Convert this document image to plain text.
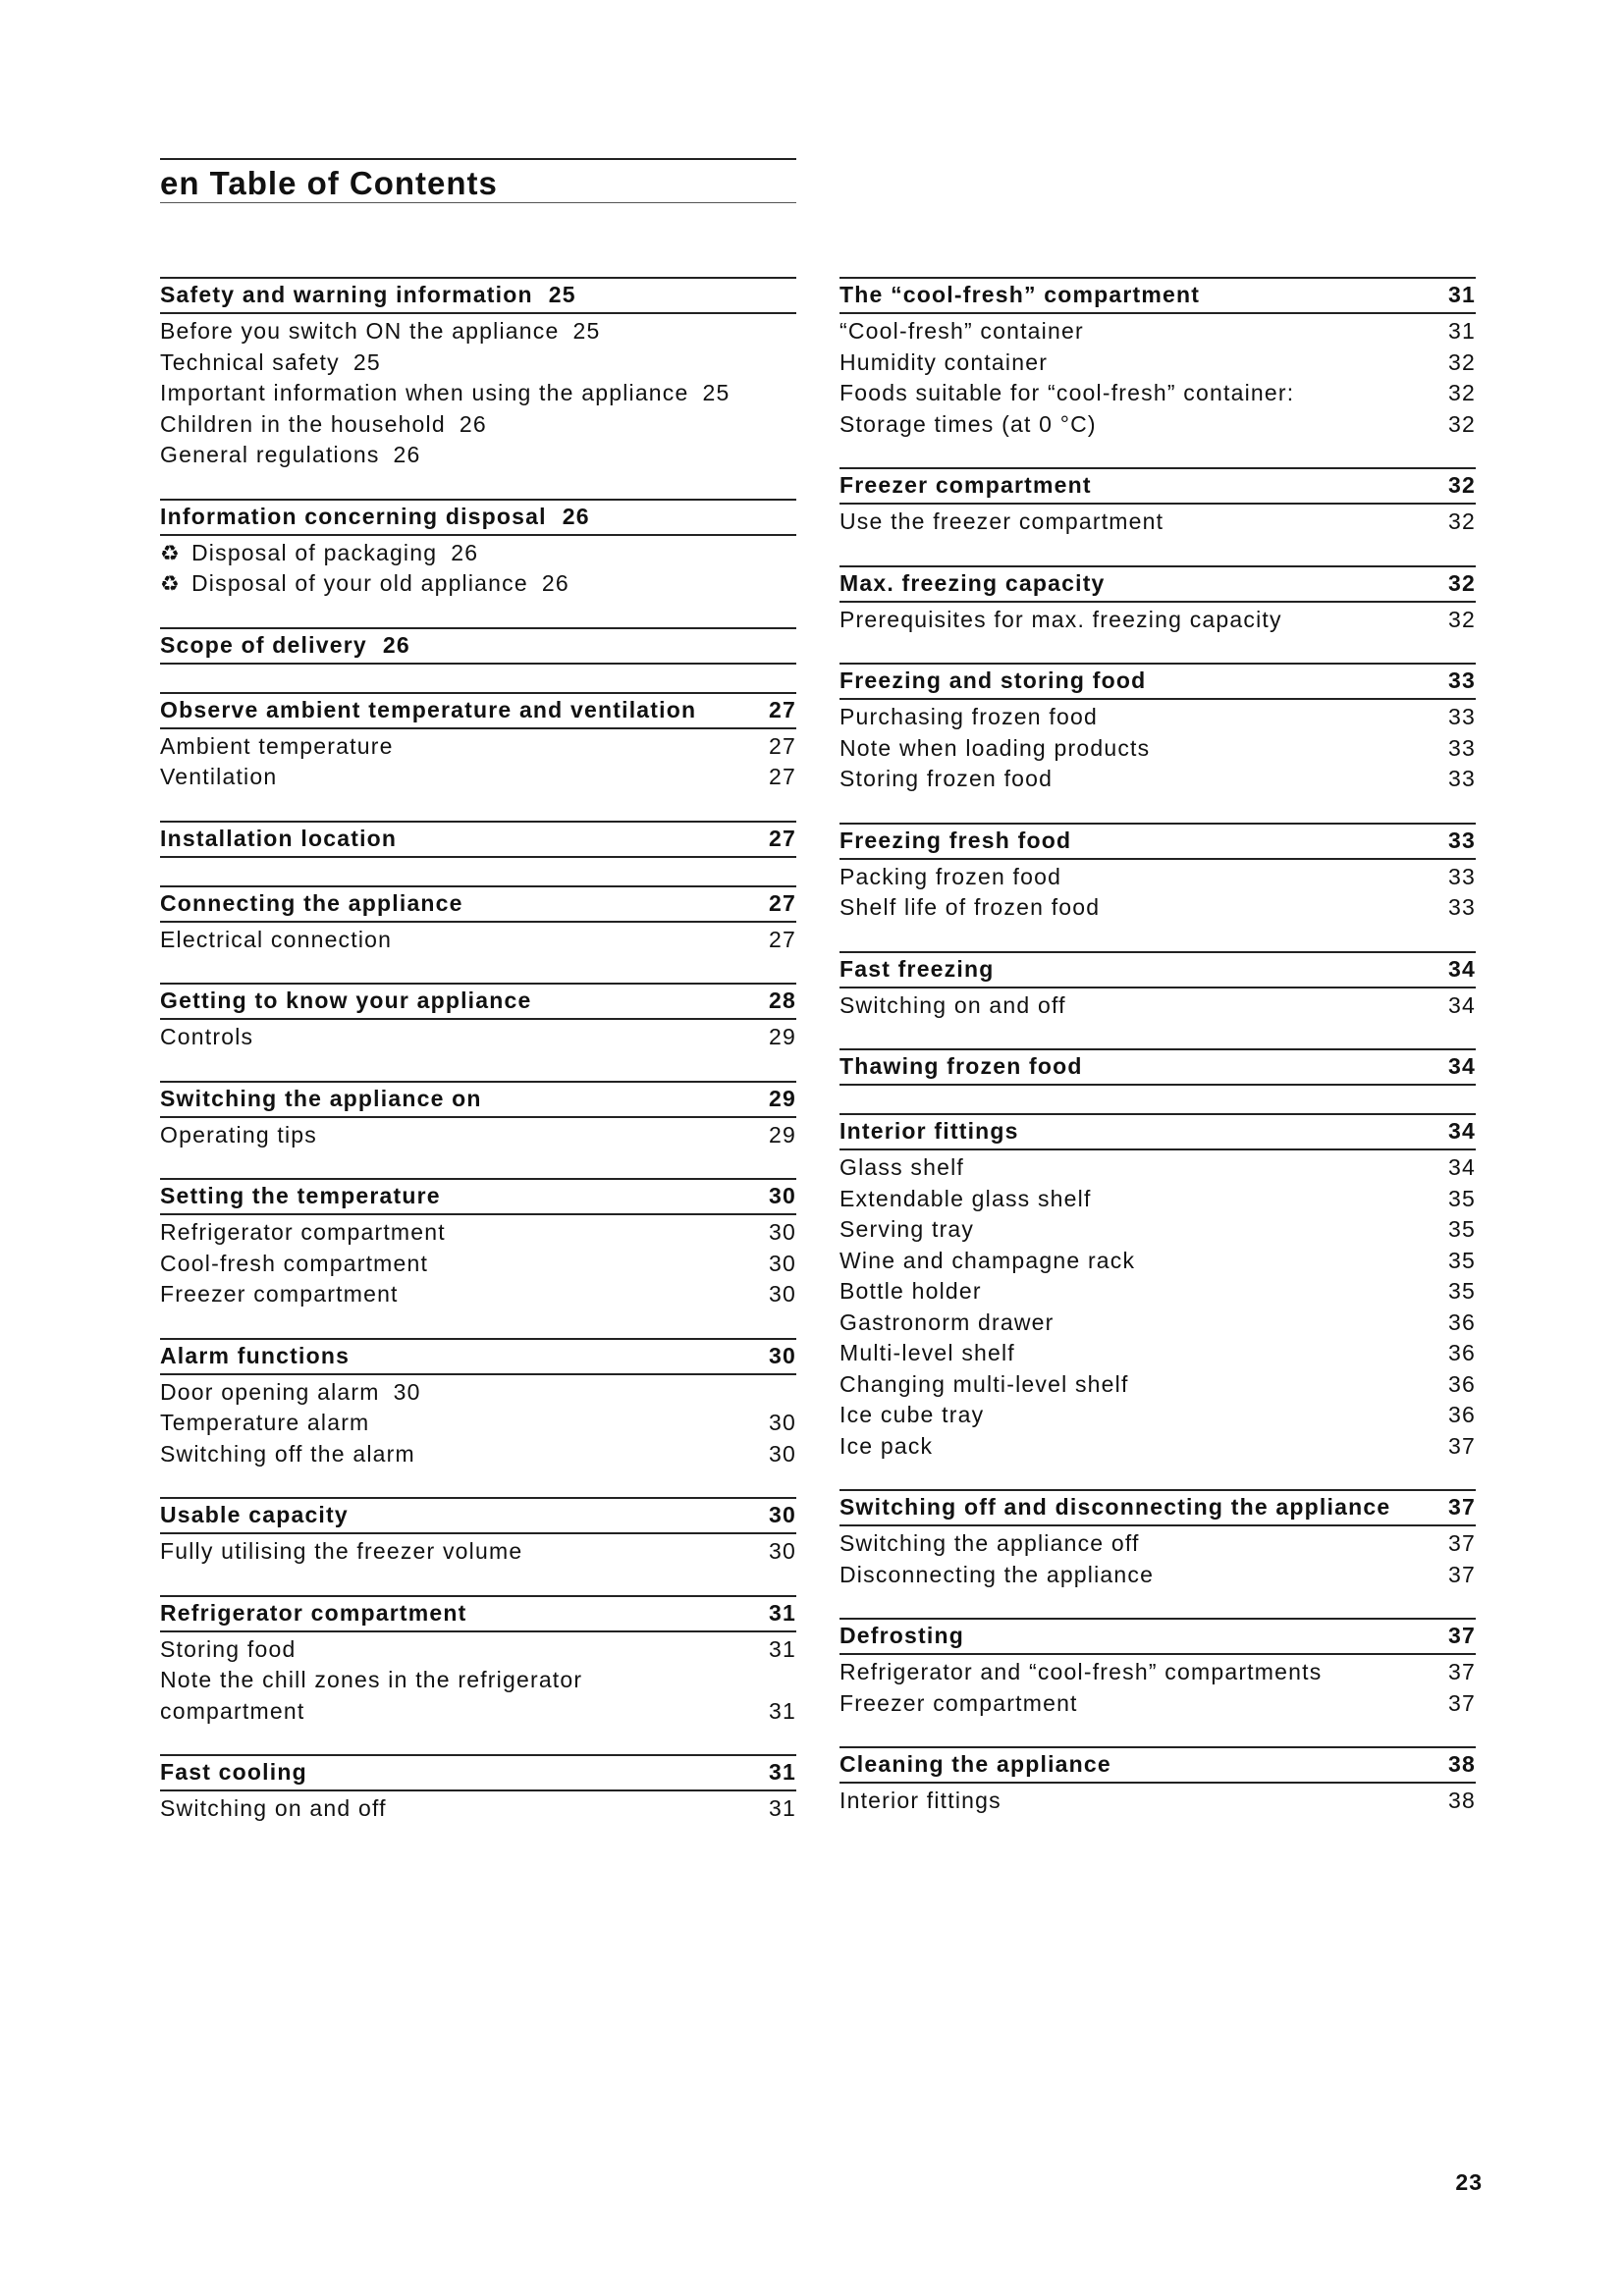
en Table of Contents
Safety and warning information 25
Before you switch ON the appliance 25
Technical safety 25
Important information when using the appliance 25
Children in the household 26
General regulations 26
Information concerning disposal 26
♻ Disposal of packaging 26
♻ Disposal of your old appliance 26
Scope of delivery 26
Observe ambient temperature and ventilation	27
Ambient temperature	27
Ventilation	27
Installation location	27
Connecting the appliance	27
Electrical connection	27
Getting to know your appliance	28
Controls	29
Switching the appliance on	29
Operating tips	29
Setting the temperature	30
Refrigerator compartment	30
Cool-fresh compartment	30
Freezer compartment	30
Alarm functions	30
Door opening alarm 30
Temperature alarm	30
Switching off the alarm	30
Usable capacity	30
Fully utilising the freezer volume	30
Refrigerator compartment	31
Storing food	31
Note the chill zones in the refrigerator compartment	31
Fast cooling	31
Switching on and off	31
The “cool-fresh” compartment	31
“Cool-fresh” container	31
Humidity container	32
Foods suitable for “cool-fresh” container:	32
Storage times (at 0 °C)	32
Freezer compartment	32
Use the freezer compartment	32
Max. freezing capacity	32
Prerequisites for max. freezing capacity	32
Freezing and storing food	33
Purchasing frozen food	33
Note when loading products	33
Storing frozen food	33
Freezing fresh food	33
Packing frozen food	33
Shelf life of frozen food	33
Fast freezing	34
Switching on and off	34
Thawing frozen food	34
Interior fittings	34
Glass shelf	34
Extendable glass shelf	35
Serving tray	35
Wine and champagne rack	35
Bottle holder	35
Gastronorm drawer	36
Multi-level shelf	36
Changing multi-level shelf	36
Ice cube tray	36
Ice pack	37
Switching off and disconnecting the appliance	37
Switching the appliance off	37
Disconnecting the appliance	37
Defrosting	37
Refrigerator and “cool-fresh” compartments	37
Freezer compartment	37
Cleaning the appliance	38
Interior fittings	38
23
